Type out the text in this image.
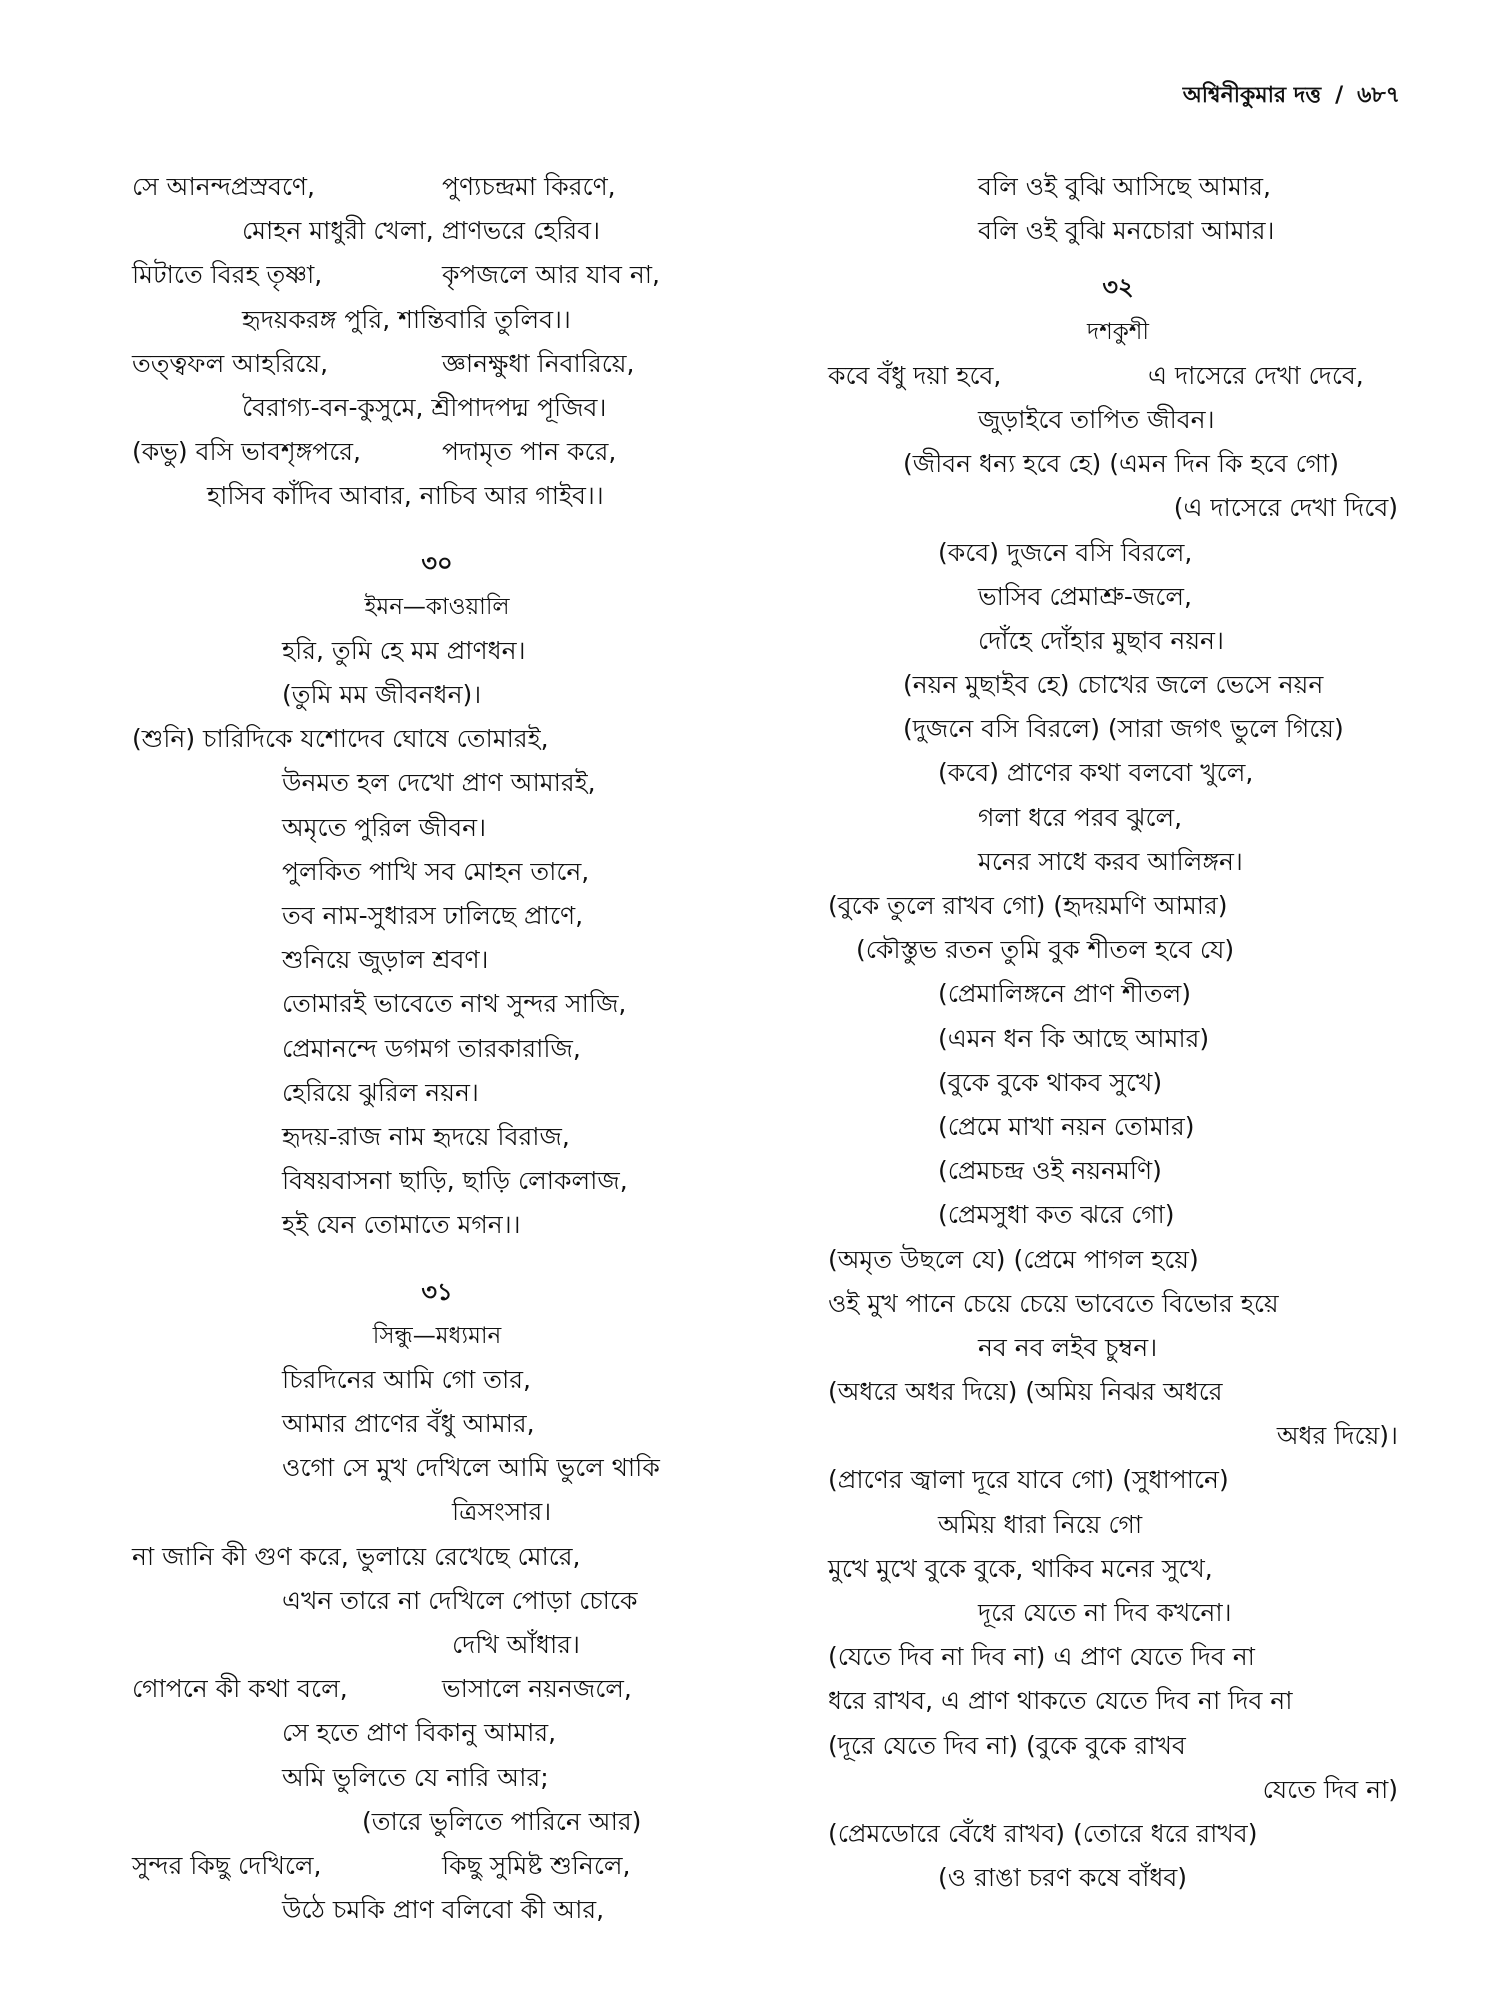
অশ্বিনীকুমার দত্ত / ৬৮৭
সে আনন্দপ্রস্রবণে,	পুণ্যচন্দ্রমা কিরণে,
মোহন মাধুরী খেলা, প্রাণভরে হেরিব।
মিটাতে বিরহ তৃষ্ণা,	কৃপজলে আর যাব না,
হৃদয়করঙ্গ পুরি, শান্তিবারি তুলিব।।
তত্ত্বফল আহরিয়ে,	জ্ঞানক্ষুধা নিবারিয়ে,
বৈরাগ্য-বন-কুসুমে, শ্রীপাদপদ্ম পূজিব।
(কভু) বসি ভাবশৃঙ্গপরে,	পদামৃত পান করে,
হাসিব কাঁদিব আবার, নাচিব আর গাইব।।
৩০
ইমন—কাওয়ালি
হরি, তুমি হে মম প্রাণধন।
(তুমি মম জীবনধন)।
(শুনি) চারিদিকে যশোদেব ঘোষে তোমারই,
উনমত হল দেখো প্রাণ আমারই,
অমৃতে পুরিল জীবন।
পুলকিত পাখি সব মোহন তানে,
তব নাম-সুধারস ঢালিছে প্রাণে,
শুনিয়ে জুড়াল শ্রবণ।
তোমারই ভাবেতে নাথ সুন্দর সাজি,
প্রেমানন্দে ডগমগ তারকারাজি,
হেরিয়ে ঝুরিল নয়ন।
হৃদয়-রাজ নাম হৃদয়ে বিরাজ,
বিষয়বাসনা ছাড়ি, ছাড়ি লোকলাজ,
হই যেন তোমাতে মগন।।
৩১
সিন্ধু—মধ্যমান
চিরদিনের আমি গো তার,
আমার প্রাণের বঁধু আমার,
ওগো সে মুখ দেখিলে আমি ভুলে থাকি
ত্রিসংসার।
না জানি কী গুণ করে, ভুলায়ে রেখেছে মোরে,
এখন তারে না দেখিলে পোড়া চোকে
দেখি আঁধার।
গোপনে কী কথা বলে,	ভাসালে নয়নজলে,
সে হতে প্রাণ বিকানু আমার,
অমি ভুলিতে যে নারি আর;
(তারে ভুলিতে পারিনে আর)
সুন্দর কিছু দেখিলে,	কিছু সুমিষ্ট শুনিলে,
উঠে চমকি প্রাণ বলিবো কী আর,
বলি ওই বুঝি আসিছে আমার,
বলি ওই বুঝি মনচোরা আমার।
৩২
দশকুশী
কবে বঁধু দয়া হবে,	এ দাসেরে দেখা দেবে,
জুড়াইবে তাপিত জীবন।
(জীবন ধন্য হবে হে) (এমন দিন কি হবে গো)
(এ দাসেরে দেখা দিবে)
(কবে) দুজনে বসি বিরলে,
ভাসিব প্রেমাশ্রু-জলে,
দোঁহে দোঁহার মুছাব নয়ন।
(নয়ন মুছাইব হে) চোখের জলে ভেসে নয়ন
(দুজনে বসি বিরলে) (সারা জগৎ ভুলে গিয়ে)
(কবে) প্রাণের কথা বলবো খুলে,
গলা ধরে পরব ঝুলে,
মনের সাধে করব আলিঙ্গন।
(বুকে তুলে রাখব গো) (হৃদয়মণি আমার)
(কৌস্তুভ রতন তুমি বুক শীতল হবে যে)
(প্রেমালিঙ্গনে প্রাণ শীতল)
(এমন ধন কি আছে আমার)
(বুকে বুকে থাকব সুখে)
(প্রেমে মাখা নয়ন তোমার)
(প্রেমচন্দ্র ওই নয়নমণি)
(প্রেমসুধা কত ঝরে গো)
(অমৃত উছলে যে) (প্রেমে পাগল হয়ে)
ওই মুখ পানে চেয়ে চেয়ে ভাবেতে বিভোর হয়ে
নব নব লইব চুম্বন।
(অধরে অধর দিয়ে) (অমিয় নিঝর অধরে
অধর দিয়ে)।
(প্রাণের জ্বালা দূরে যাবে গো) (সুধাপানে)
অমিয় ধারা নিয়ে গো
মুখে মুখে বুকে বুকে, থাকিব মনের সুখে,
দূরে যেতে না দিব কখনো।
(যেতে দিব না দিব না) এ প্রাণ যেতে দিব না
ধরে রাখব, এ প্রাণ থাকতে যেতে দিব না দিব না
(দূরে যেতে দিব না) (বুকে বুকে রাখব
যেতে দিব না)
(প্রেমডোরে বেঁধে রাখব) (তোরে ধরে রাখব)
(ও রাঙা চরণ কষে বাঁধব)
